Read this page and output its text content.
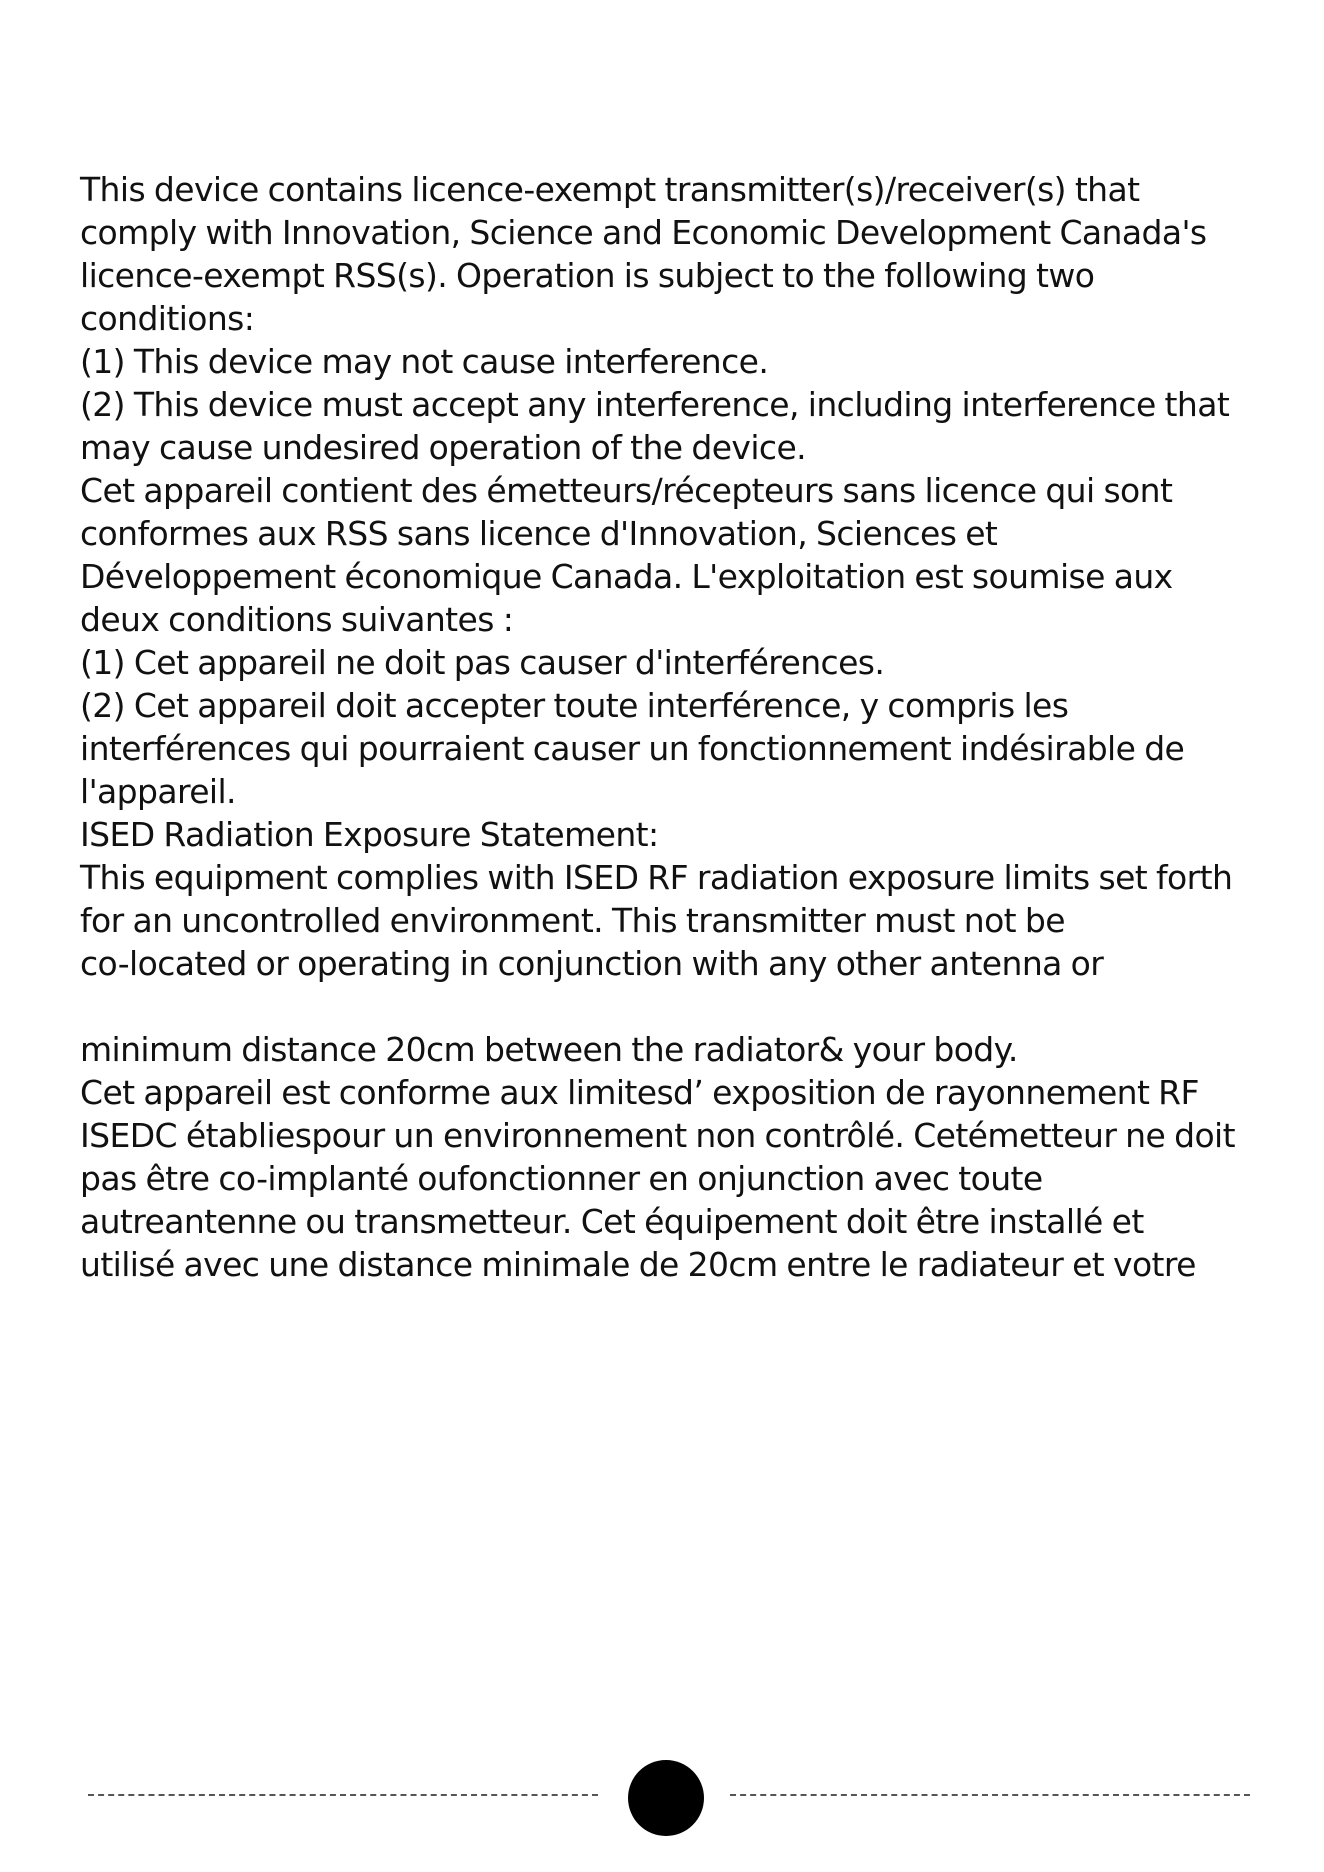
This device contains licence-exempt transmitter(s)/receiver(s) that
comply with Innovation, Science and Economic Development Canada's
licence-exempt RSS(s). Operation is subject to the following two
conditions:
(1) This device may not cause interference.
(2) This device must accept any interference, including interference that
may cause undesired operation of the device.
Cet appareil contient des émetteurs/récepteurs sans licence qui sont
conformes aux RSS sans licence d'Innovation, Sciences et
Développement économique Canada. L'exploitation est soumise aux
deux conditions suivantes :
(1) Cet appareil ne doit pas causer d'interférences.
(2) Cet appareil doit accepter toute interférence, y compris les
interférences qui pourraient causer un fonctionnement indésirable de
l'appareil.
ISED Radiation Exposure Statement:
This equipment complies with ISED RF radiation exposure limits set forth
for an uncontrolled environment. This transmitter must not be
co-located or operating in conjunction with any other antenna or
minimum distance 20cm between the radiator& your body.
Cet appareil est conforme aux limitesd’ exposition de rayonnement RF
ISEDC établiespour un environnement non contrôlé. Cetémetteur ne doit
pas être co-implanté oufonctionner en onjunction avec toute
autreantenne ou transmetteur. Cet équipement doit être installé et
utilisé avec une distance minimale de 20cm entre le radiateur et votre
